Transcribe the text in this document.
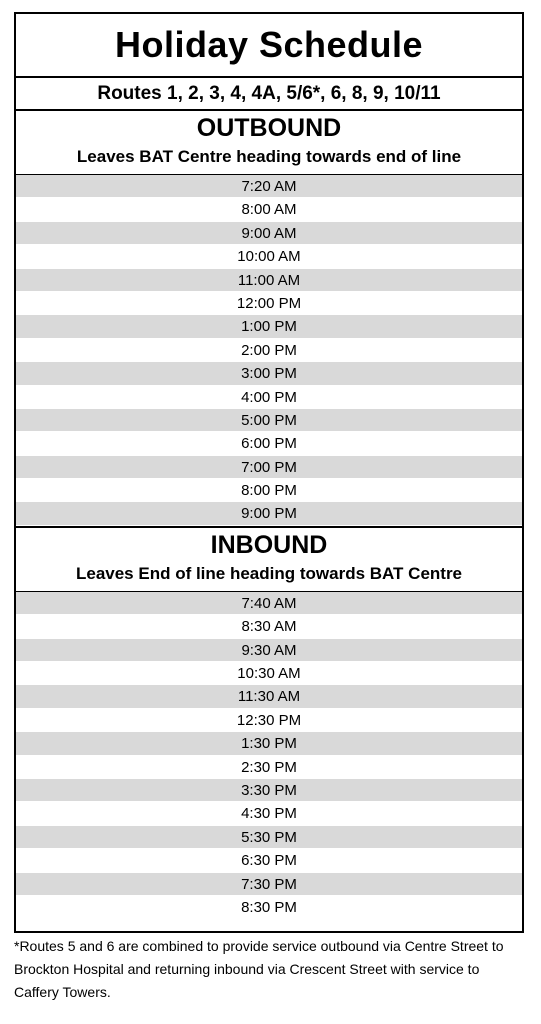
Holiday Schedule
Routes 1, 2, 3, 4, 4A, 5/6*, 6, 8, 9, 10/11
OUTBOUND
Leaves BAT Centre heading towards end of line
7:20 AM
8:00 AM
9:00 AM
10:00 AM
11:00 AM
12:00 PM
1:00 PM
2:00 PM
3:00 PM
4:00 PM
5:00 PM
6:00 PM
7:00 PM
8:00 PM
9:00 PM
INBOUND
Leaves End of line heading towards BAT Centre
7:40 AM
8:30 AM
9:30 AM
10:30 AM
11:30 AM
12:30 PM
1:30 PM
2:30 PM
3:30 PM
4:30 PM
5:30 PM
6:30 PM
7:30 PM
8:30 PM
*Routes 5 and 6 are combined to provide service outbound via Centre Street to Brockton Hospital and returning inbound via Crescent Street with service to Caffery Towers.
